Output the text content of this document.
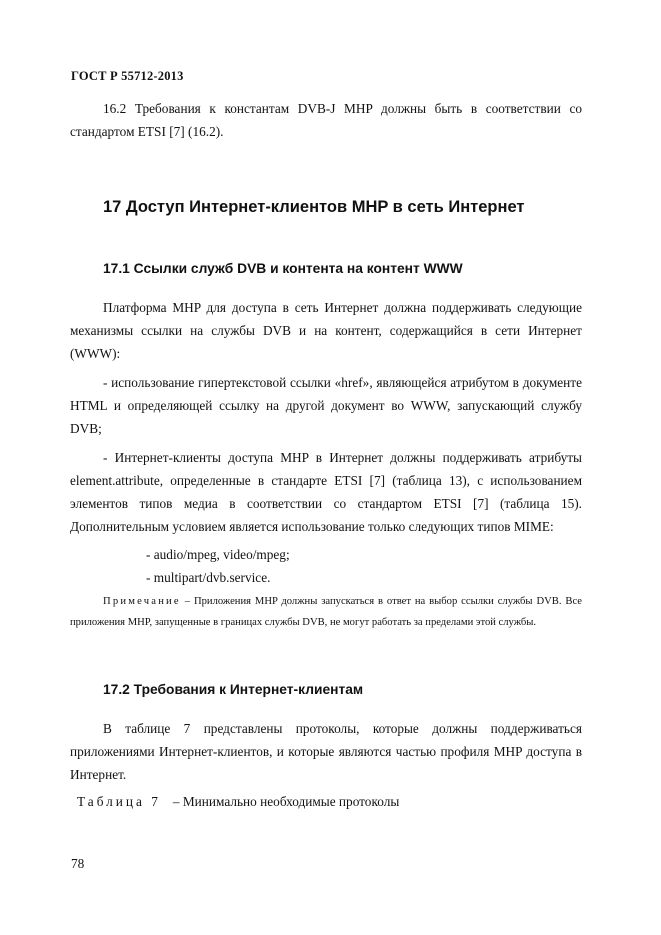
ГОСТ Р 55712-2013

16.2 Требования к константам DVB-J MHP должны быть в соответствии со стандартом ETSI [7] (16.2).

17 Доступ Интернет-клиентов MHP в сеть Интернет
17.1 Ссылки служб DVB и контента на контент WWW

Платформа MHP для доступа в сеть Интернет должна поддерживать следующие механизмы ссылки на службы DVB и на контент, содержащийся в сети Интернет (WWW):

- использование гипертекстовой ссылки «href», являющейся атрибутом в документе HTML и определяющей ссылку на другой документ во WWW, запускающий службу DVB;

- Интернет-клиенты доступа MHP в Интернет должны поддерживать атрибуты element.attribute, определенные в стандарте ETSI [7] (таблица 13), с использованием элементов типов медиа в соответствии со стандартом ETSI [7] (таблица 15). Дополнительным условием является использование только следующих типов MIME:

- audio/mpeg, video/mpeg;

- multipart/dvb.service.

Примечание – Приложения MHP должны запускаться в ответ на выбор ссылки службы DVB. Все приложения MHP, запущенные в границах службы DVB, не могут работать за пределами этой службы.

17.2 Требования к Интернет-клиентам

В таблице 7 представлены протоколы, которые должны поддерживаться приложениями Интернет-клиентов, и которые являются частью профиля MHP доступа в Интернет.

Таблица 7 – Минимально необходимые протоколы

78
